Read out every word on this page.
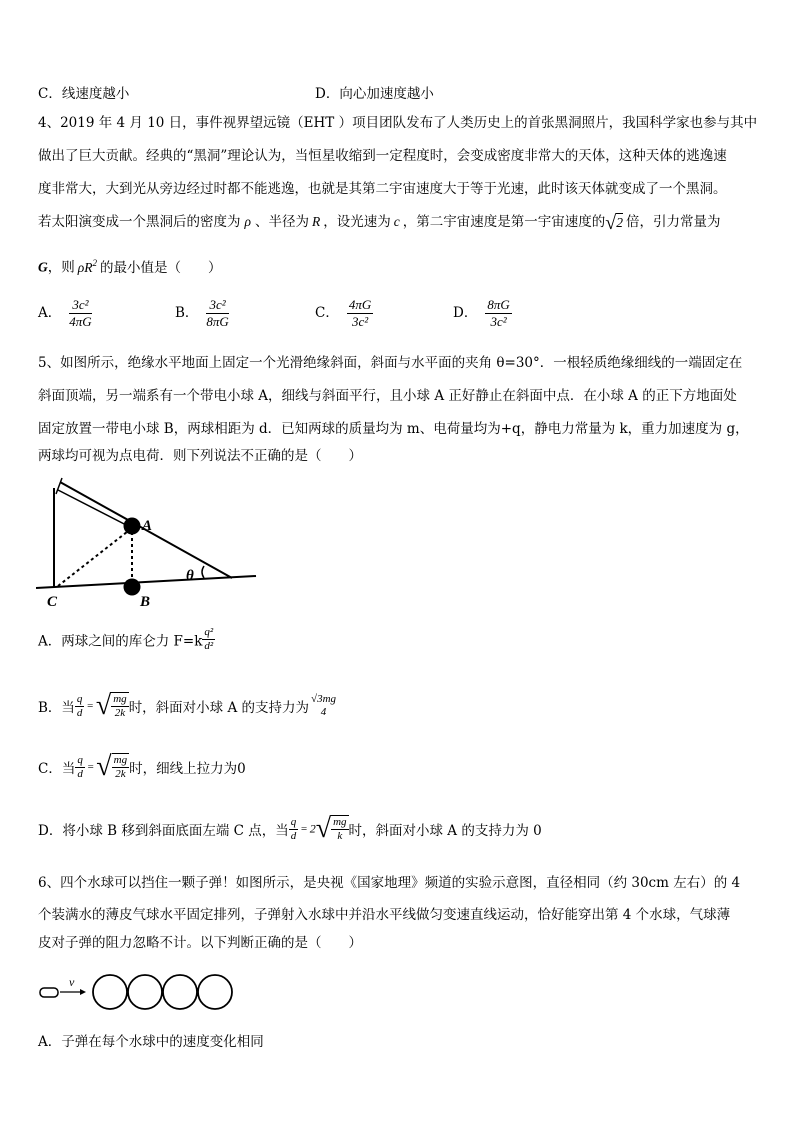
C．线速度越小	D．向心加速度越小
4、2019 年 4 月 10 日，事件视界望远镜（EHT ）项目团队发布了人类历史上的首张黑洞照片，我国科学家也参与其中
做出了巨大贡献。经典的“黑洞”理论认为，当恒星收缩到一定程度时，会变成密度非常大的天体，这种天体的逃逸速
度非常大，大到光从旁边经过时都不能逃逸，也就是其第二宇宙速度大于等于光速，此时该天体就变成了一个黑洞。
若太阳演变成一个黑洞后的密度为 ρ 、半径为 R ，设光速为 c ，第二宇宙速度是第一宇宙速度的√2 倍，引力常量为
G，则 $\rho R^2$ 的最小值是（　　）
A． $\frac{\text{3c²}}{4\pi G}$	B． $\frac{\text{3c²}}{8\pi G}$	C． $\frac{4\pi G}{\text{3c²}}$	D． $\frac{8\pi G}{\text{3c²}}$
5、如图所示，绝缘水平地面上固定一个光滑绝缘斜面，斜面与水平面的夹角 θ=30°．一根轻质绝缘细线的一端固定在
斜面顶端，另一端系有一个带电小球 A，细线与斜面平行，且小球 A 正好静止在斜面中点．在小球 A 的正下方地面处
固定放置一带电小球 B，两球相距为 d．已知两球的质量均为 m、电荷量均为+q，静电力常量为 k，重力加速度为 g，
两球均可视为点电荷．则下列说法不正确的是（　　）
A
B
C
θ
A．两球之间的库仑力 $F=k \frac{\text{q²}}{\text{d²}}$
B．当 $\frac{q}{d}$ =√ $\frac{mg}{2k}$ 时，斜面对小球 A 的支持力为
√3mg
4
C．当 $\frac{q}{d}$ =√ $\frac{mg}{2k}$ 时，细线上拉力为0
D．将小球 B 移到斜面底面左端 C 点，当 $\frac{q}{d} = 2√ \frac{mg}{k}$ 时，斜面对小球 A 的支持力为 0
6、四个水球可以挡住一颗子弹！如图所示，是央视《国家地理》频道的实验示意图，直径相同（约 30cm 左右）的 4
个装满水的薄皮气球水平固定排列，子弹射入水球中并沿水平线做匀变速直线运动，恰好能穿出第 4 个水球，气球薄
皮对子弹的阻力忽略不计。以下判断正确的是（　　）
v
A．子弹在每个水球中的速度变化相同
